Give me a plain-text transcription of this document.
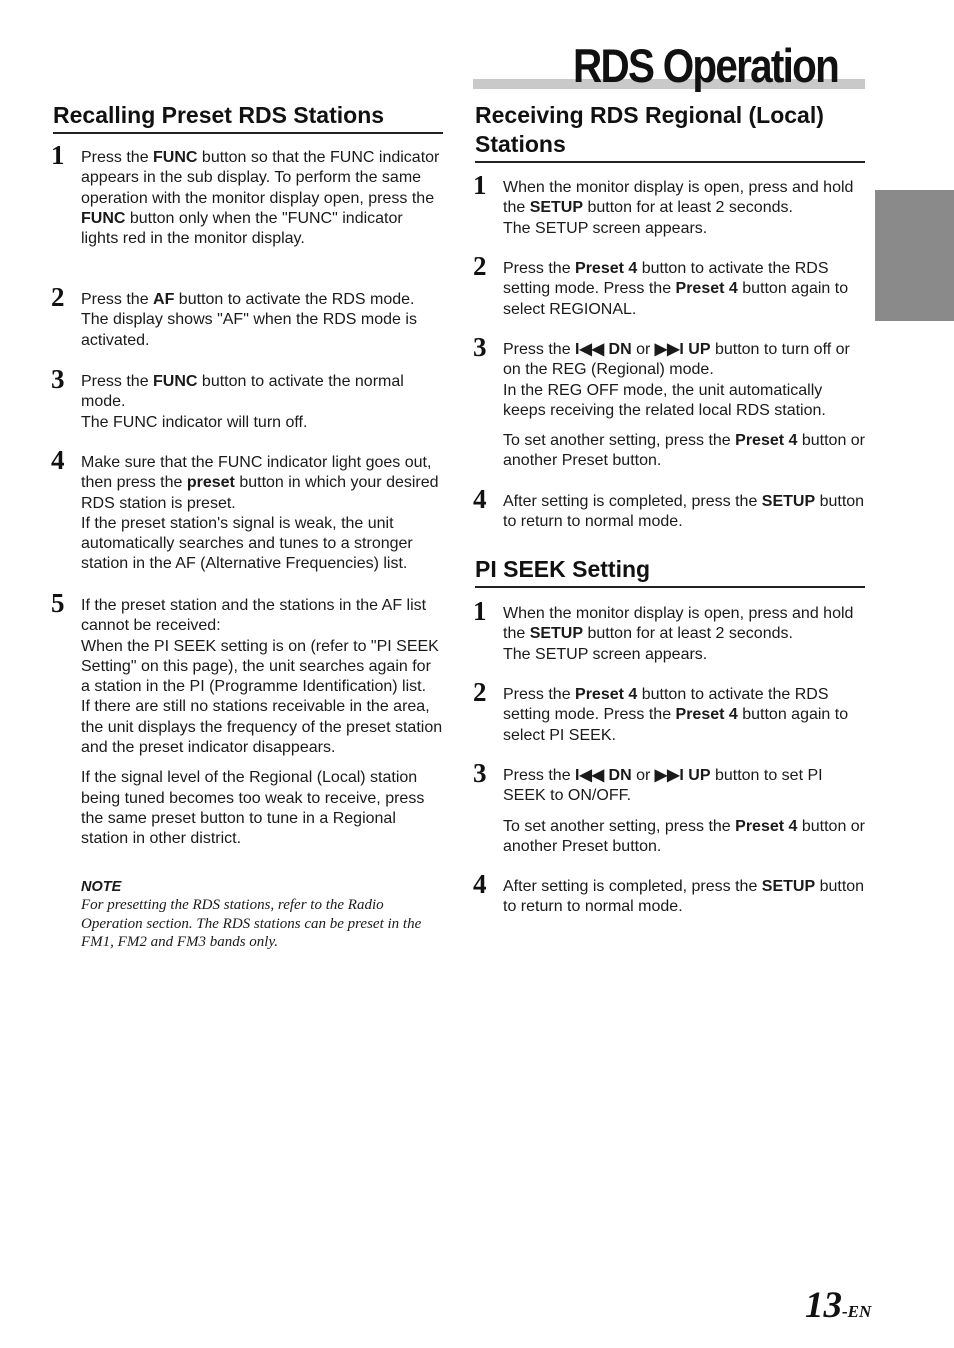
RDS Operation
Recalling Preset RDS Stations
1 Press the FUNC button so that the FUNC indicator appears in the sub display. To perform the same operation with the monitor display open, press the FUNC button only when the "FUNC" indicator lights red in the monitor display.

2 Press the AF button to activate the RDS mode. The display shows "AF" when the RDS mode is activated.

3 Press the FUNC button to activate the normal mode.

The FUNC indicator will turn off.

4 Make sure that the FUNC indicator light goes out, then press the preset button in which your desired RDS station is preset.

If the preset station's signal is weak, the unit automatically searches and tunes to a stronger station in the AF (Alternative Frequencies) list.

5 If the preset station and the stations in the AF list cannot be received:

When the PI SEEK setting is on (refer to "PI SEEK Setting" on this page), the unit searches again for a station in the PI (Programme Identification) list.

If there are still no stations receivable in the area, the unit displays the frequency of the preset station and the preset indicator disappears.

If the signal level of the Regional (Local) station being tuned becomes too weak to receive, press the same preset button to tune in a Regional station in other district.

NOTE
For presetting the RDS stations, refer to the Radio Operation section. The RDS stations can be preset in the FM1, FM2 and FM3 bands only.
Receiving RDS Regional (Local) Stations
1 When the monitor display is open, press and hold the SETUP button for at least 2 seconds.

The SETUP screen appears.

2 Press the Preset 4 button to activate the RDS setting mode. Press the Preset 4 button again to select REGIONAL.

3 Press the I◀◀ DN or ▶▶I UP button to turn off or on the REG (Regional) mode.

In the REG OFF mode, the unit automatically keeps receiving the related local RDS station.

To set another setting, press the Preset 4 button or another Preset button.

4 After setting is completed, press the SETUP button to return to normal mode.

PI SEEK Setting
1 When the monitor display is open, press and hold the SETUP button for at least 2 seconds.

The SETUP screen appears.

2 Press the Preset 4 button to activate the RDS setting mode. Press the Preset 4 button again to select PI SEEK.

3 Press the I◀◀ DN or ▶▶I UP button to set PI SEEK to ON/OFF.

To set another setting, press the Preset 4 button or another Preset button.

4 After setting is completed, press the SETUP button to return to normal mode.

13-EN
